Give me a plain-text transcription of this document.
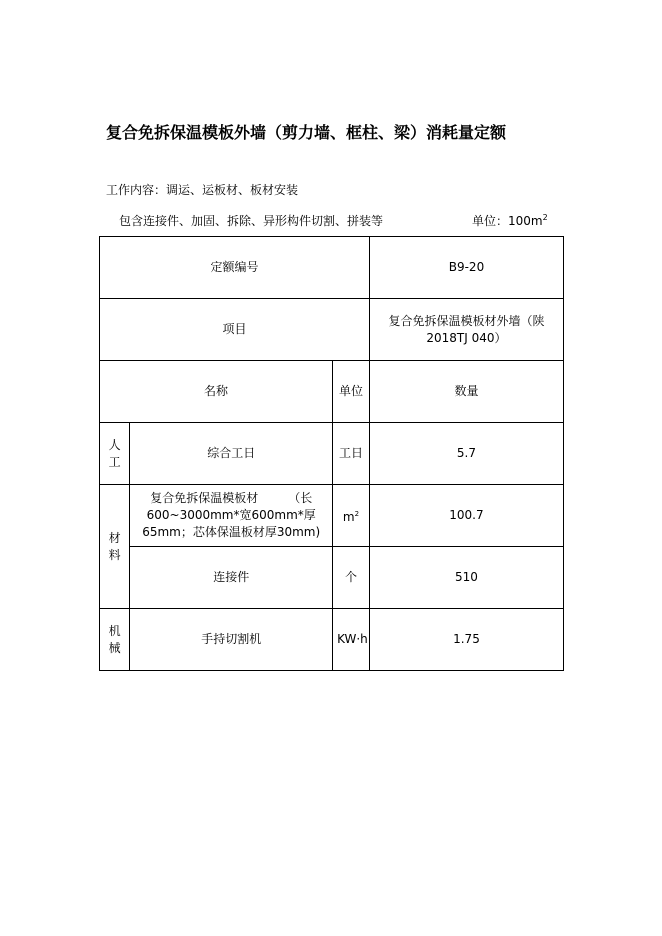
复合免拆保温模板外墙（剪力墙、框柱、梁）消耗量定额
工作内容：调运、运板材、板材安装
包含连接件、加固、拆除、异形构件切割、拼装等	单位：$100m^2$
定额编号			B9-20
项目			复合免拆保温模板材外墙（陕2018TJ 040）
名称		单位	数量
人工	综合工日	工日	5.7
材料	复合免拆保温模板材　　　（长600~3000mm*宽600mm*厚65mm；芯体保温板材厚30mm)	$m^2$	100.7
	连接件	个	510
机械	手持切割机	KW·h	1.75
